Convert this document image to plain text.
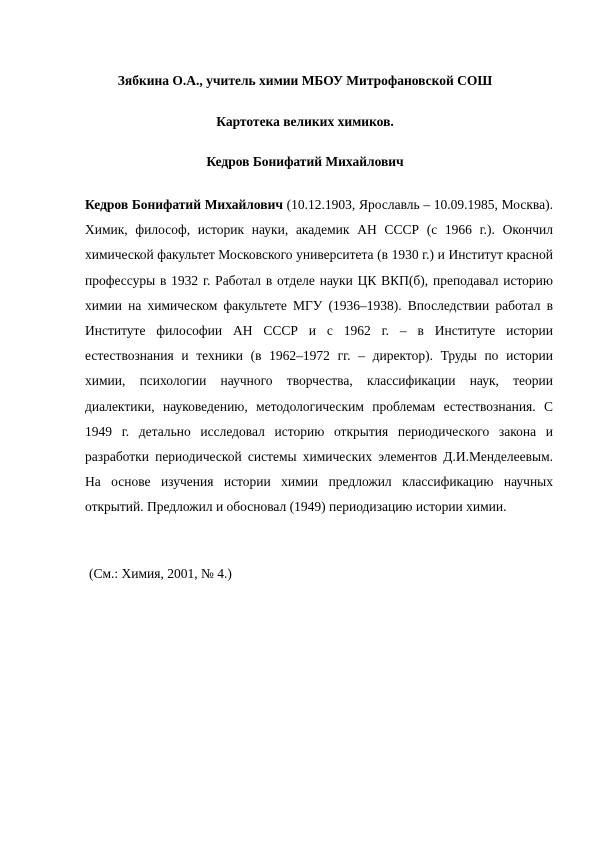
Зябкина О.А., учитель химии МБОУ Митрофановской СОШ
Картотека великих химиков.
Кедров Бонифатий Михайлович
Кедров Бонифатий Михайлович (10.12.1903, Ярославль – 10.09.1985, Москва). Химик, философ, историк науки, академик АН СССР (с 1966 г.). Окончил химической факультет Московского университета (в 1930 г.) и Институт красной профессуры в 1932 г. Работал в отделе науки ЦК ВКП(б), преподавал историю химии на химическом факультете МГУ (1936–1938). Впоследствии работал в Институте философии АН СССР и с 1962 г. – в Институте истории естествознания и техники (в 1962–1972 гг. – директор). Труды по истории химии, психологии научного творчества, классификации наук, теории диалектики, науковедению, методологическим проблемам естествознания. С 1949 г. детально исследовал историю открытия периодического закона и разработки периодической системы химических элементов Д.И.Менделеевым. На основе изучения истории химии предложил классификацию научных открытий. Предложил и обосновал (1949) периодизацию истории химии.
(См.: Химия, 2001, № 4.)
